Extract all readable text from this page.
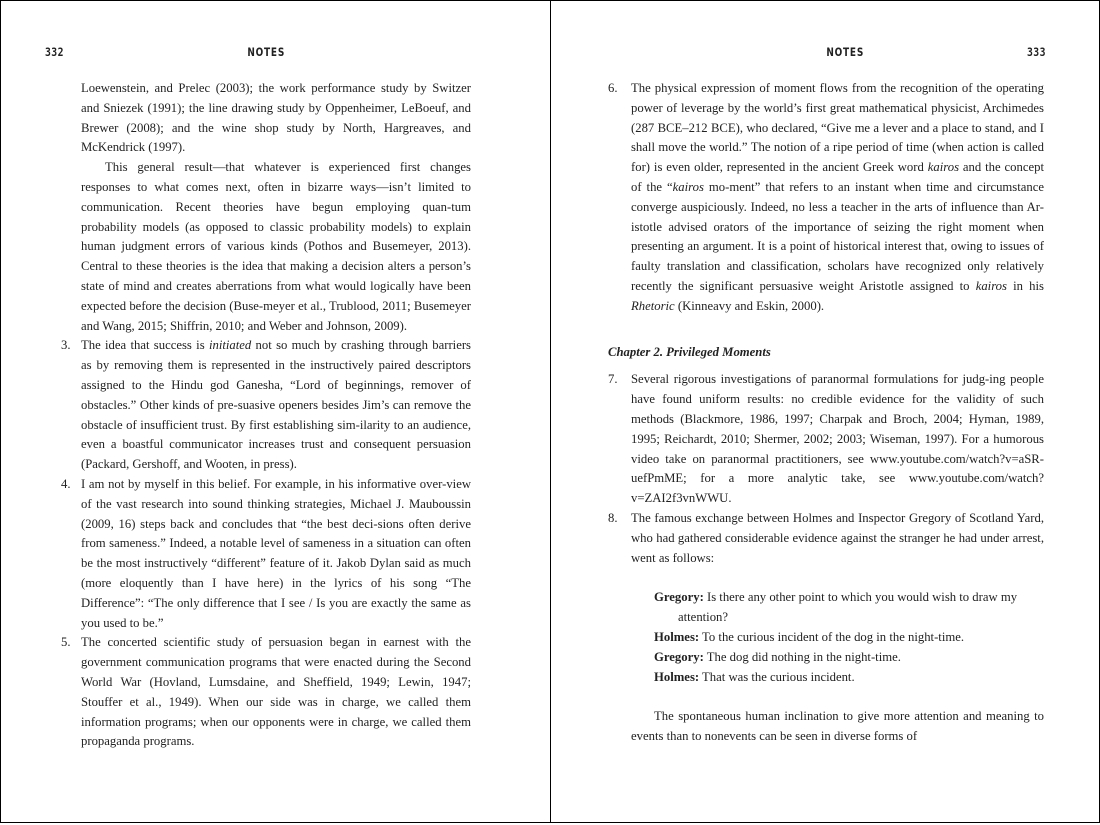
332	NOTES

Loewenstein, and Prelec (2003); the work performance study by Switzer and Sniezek (1991); the line drawing study by Oppenheimer, LeBoeuf, and Brewer (2008); and the wine shop study by North, Hargreaves, and McKendrick (1997).

This general result—that whatever is experienced first changes responses to what comes next, often in bizarre ways—isn’t limited to communication. Recent theories have begun employing quan-tum probability models (as opposed to classic probability models) to explain human judgment errors of various kinds (Pothos and Busemeyer, 2013). Central to these theories is the idea that making a decision alters a person’s state of mind and creates aberrations from what would logically have been expected before the decision (Buse-meyer et al., Trublood, 2011; Busemeyer and Wang, 2015; Shiffrin, 2010; and Weber and Johnson, 2009).

3. The idea that success is initiated not so much by crashing through barriers as by removing them is represented in the instructively paired descriptors assigned to the Hindu god Ganesha, “Lord of beginnings, remover of obstacles.” Other kinds of pre-suasive openers besides Jim’s can remove the obstacle of insufficient trust. By first establishing sim-ilarity to an audience, even a boastful communicator increases trust and consequent persuasion (Packard, Gershoff, and Wooten, in press).
4. I am not by myself in this belief. For example, in his informative over-view of the vast research into sound thinking strategies, Michael J. Mauboussin (2009, 16) steps back and concludes that “the best deci-sions often derive from sameness.” Indeed, a notable level of sameness in a situation can often be the most instructively “different” feature of it. Jakob Dylan said as much (more eloquently than I have here) in the lyrics of his song “The Difference”: “The only difference that I see / Is you are exactly the same as you used to be.”
5. The concerted scientific study of persuasion began in earnest with the government communication programs that were enacted during the Second World War (Hovland, Lumsdaine, and Sheffield, 1949; Lewin, 1947; Stouffer et al., 1949). When our side was in charge, we called them information programs; when our opponents were in charge, we called them propaganda programs.
NOTES	333
6. The physical expression of moment flows from the recognition of the operating power of leverage by the world’s first great mathematical physicist, Archimedes (287 BCE–212 BCE), who declared, “Give me a lever and a place to stand, and I shall move the world.” The notion of a ripe period of time (when action is called for) is even older, represented in the ancient Greek word kairos and the concept of the “kairos mo-ment” that refers to an instant when time and circumstance converge auspiciously. Indeed, no less a teacher in the arts of influence than Ar-istotle advised orators of the importance of seizing the right moment when presenting an argument. It is a point of historical interest that, owing to issues of faulty translation and classification, scholars have recognized only relatively recently the significant persuasive weight Aristotle assigned to kairos in his Rhetoric (Kinneavy and Eskin, 2000).

Chapter 2. Privileged Moments

7. Several rigorous investigations of paranormal formulations for judg-ing people have found uniform results: no credible evidence for the validity of such methods (Blackmore, 1986, 1997; Charpak and Broch, 2004; Hyman, 1989, 1995; Reichardt, 2010; Shermer, 2002; 2003; Wiseman, 1997). For a humorous video take on paranormal practitioners, see www.youtube.com/watch?v=aSR-uefPmME; for a more analytic take, see www.youtube.com/watch?v=ZAI2f3vnWWU.
8. The famous exchange between Holmes and Inspector Gregory of Scotland Yard, who had gathered considerable evidence against the stranger he had under arrest, went as follows:
Gregory: Is there any other point to which you would wish to draw my attention?
Holmes: To the curious incident of the dog in the night-time.
Gregory: The dog did nothing in the night-time.
Holmes: That was the curious incident.

The spontaneous human inclination to give more attention and meaning to events than to nonevents can be seen in diverse forms of
